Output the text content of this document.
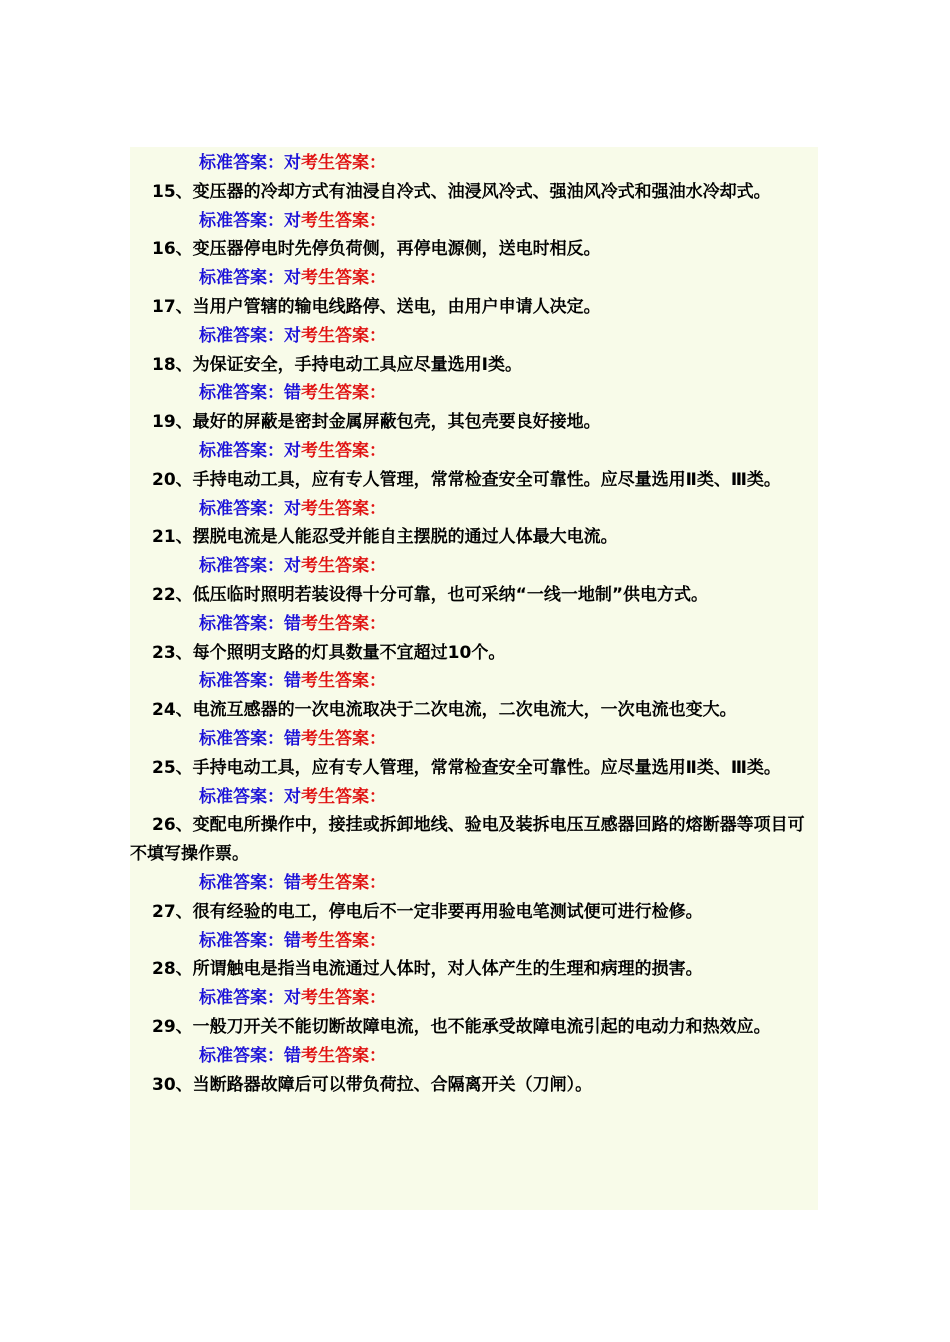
标准答案：对考生答案：
15、变压器的冷却方式有油浸自冷式、油浸风冷式、强油风冷式和强油水冷却式。
标准答案：对考生答案：
16、变压器停电时先停负荷侧，再停电源侧，送电时相反。
标准答案：对考生答案：
17、当用户管辖的输电线路停、送电，由用户申请人决定。
标准答案：对考生答案：
18、为保证安全，手持电动工具应尽量选用Ⅰ类。
标准答案：错考生答案：
19、最好的屏蔽是密封金属屏蔽包壳，其包壳要良好接地。
标准答案：对考生答案：
20、手持电动工具，应有专人管理，常常检查安全可靠性。应尽量选用Ⅱ类、Ⅲ类。
标准答案：对考生答案：
21、摆脱电流是人能忍受并能自主摆脱的通过人体最大电流。
标准答案：对考生答案：
22、低压临时照明若装设得十分可靠，也可采纳“一线一地制”供电方式。
标准答案：错考生答案：
23、每个照明支路的灯具数量不宜超过10个。
标准答案：错考生答案：
24、电流互感器的一次电流取决于二次电流，二次电流大，一次电流也变大。
标准答案：错考生答案：
25、手持电动工具，应有专人管理，常常检查安全可靠性。应尽量选用Ⅱ类、Ⅲ类。
标准答案：对考生答案：
26、变配电所操作中，接挂或拆卸地线、验电及装拆电压互感器回路的熔断器等项目可不填写操作票。
标准答案：错考生答案：
27、很有经验的电工，停电后不一定非要再用验电笔测试便可进行检修。
标准答案：错考生答案：
28、所谓触电是指当电流通过人体时，对人体产生的生理和病理的损害。
标准答案：对考生答案：
29、一般刀开关不能切断故障电流，也不能承受故障电流引起的电动力和热效应。
标准答案：错考生答案：
30、当断路器故障后可以带负荷拉、合隔离开关（刀闸）。
